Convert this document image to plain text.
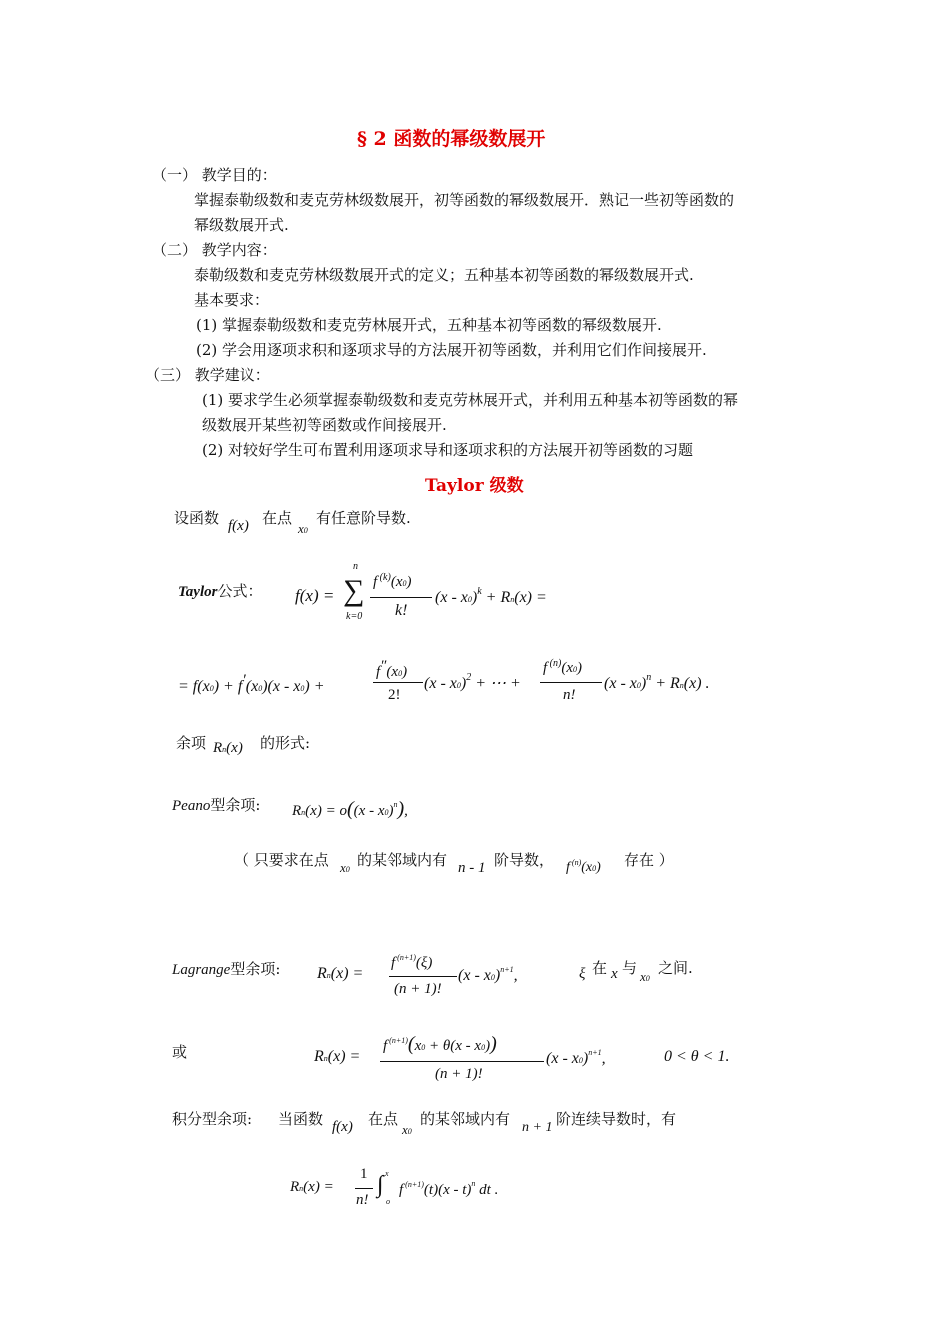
§ 2 函数的幂级数展开
（一） 教学目的：
掌握泰勒级数和麦克劳林级数展开，初等函数的幂级数展开．熟记一些初等函数的
幂级数展开式.
（二） 教学内容：
泰勒级数和麦克劳林级数展开式的定义；五种基本初等函数的幂级数展开式.
基本要求：
(1) 掌握泰勒级数和麦克劳林展开式，五种基本初等函数的幂级数展开.
(2) 学会用逐项求积和逐项求导的方法展开初等函数，并利用它们作间接展开.
（三） 教学建议：
(1) 要求学生必须掌握泰勒级数和麦克劳林展开式，并利用五种基本初等函数的幂
级数展开某些初等函数或作间接展开.
(2) 对较好学生可布置利用逐项求导和逐项求积的方法展开初等函数的习题
Taylor 级数
设函数 f(x) 在点
x0
有任意阶导数.
Taylor公式： f(x) =
n
∑
k=0
f $^{(k)}$(x0)
k!
(x - x0)$^k$ + Rn(x) =
= f(x0) + f′(x0)(x - x0) +
f″(x0)
2!
(x - x0)$^2$ + ⋯ +
f $^{(n)}$(x0)
n!
(x - x0)$^n$ + Rn(x) .
余项 Rn(x) 的形式:
Peano型余项: Rn(x) = o((x - x0)$^n$),
（ 只要求在点 x0
的某邻域内有 n - 1 阶导数， f $^{(n)}$(x0) 存在 ）
Lagrange型余项: Rn(x) =
f $^{(n+1)}$(ξ)
(n + 1)!
(x - x0)$^{n+1}$,	ξ 在 x 与 x0
之间.
或	Rn(x) =
f $^{(n+1)}$(x0 + θ(x - x0))
(n + 1)!
(x - x0)$^{n+1}$,	0 < θ < 1.
积分型余项: 当函数 f(x) 在点
x0
的某邻域内有 n + 1 阶连续导数时，有
Rn(x) =
1
n!
∫ x
o
f $^{(n+1)}$(t)(x - t)$^n$ dt .
